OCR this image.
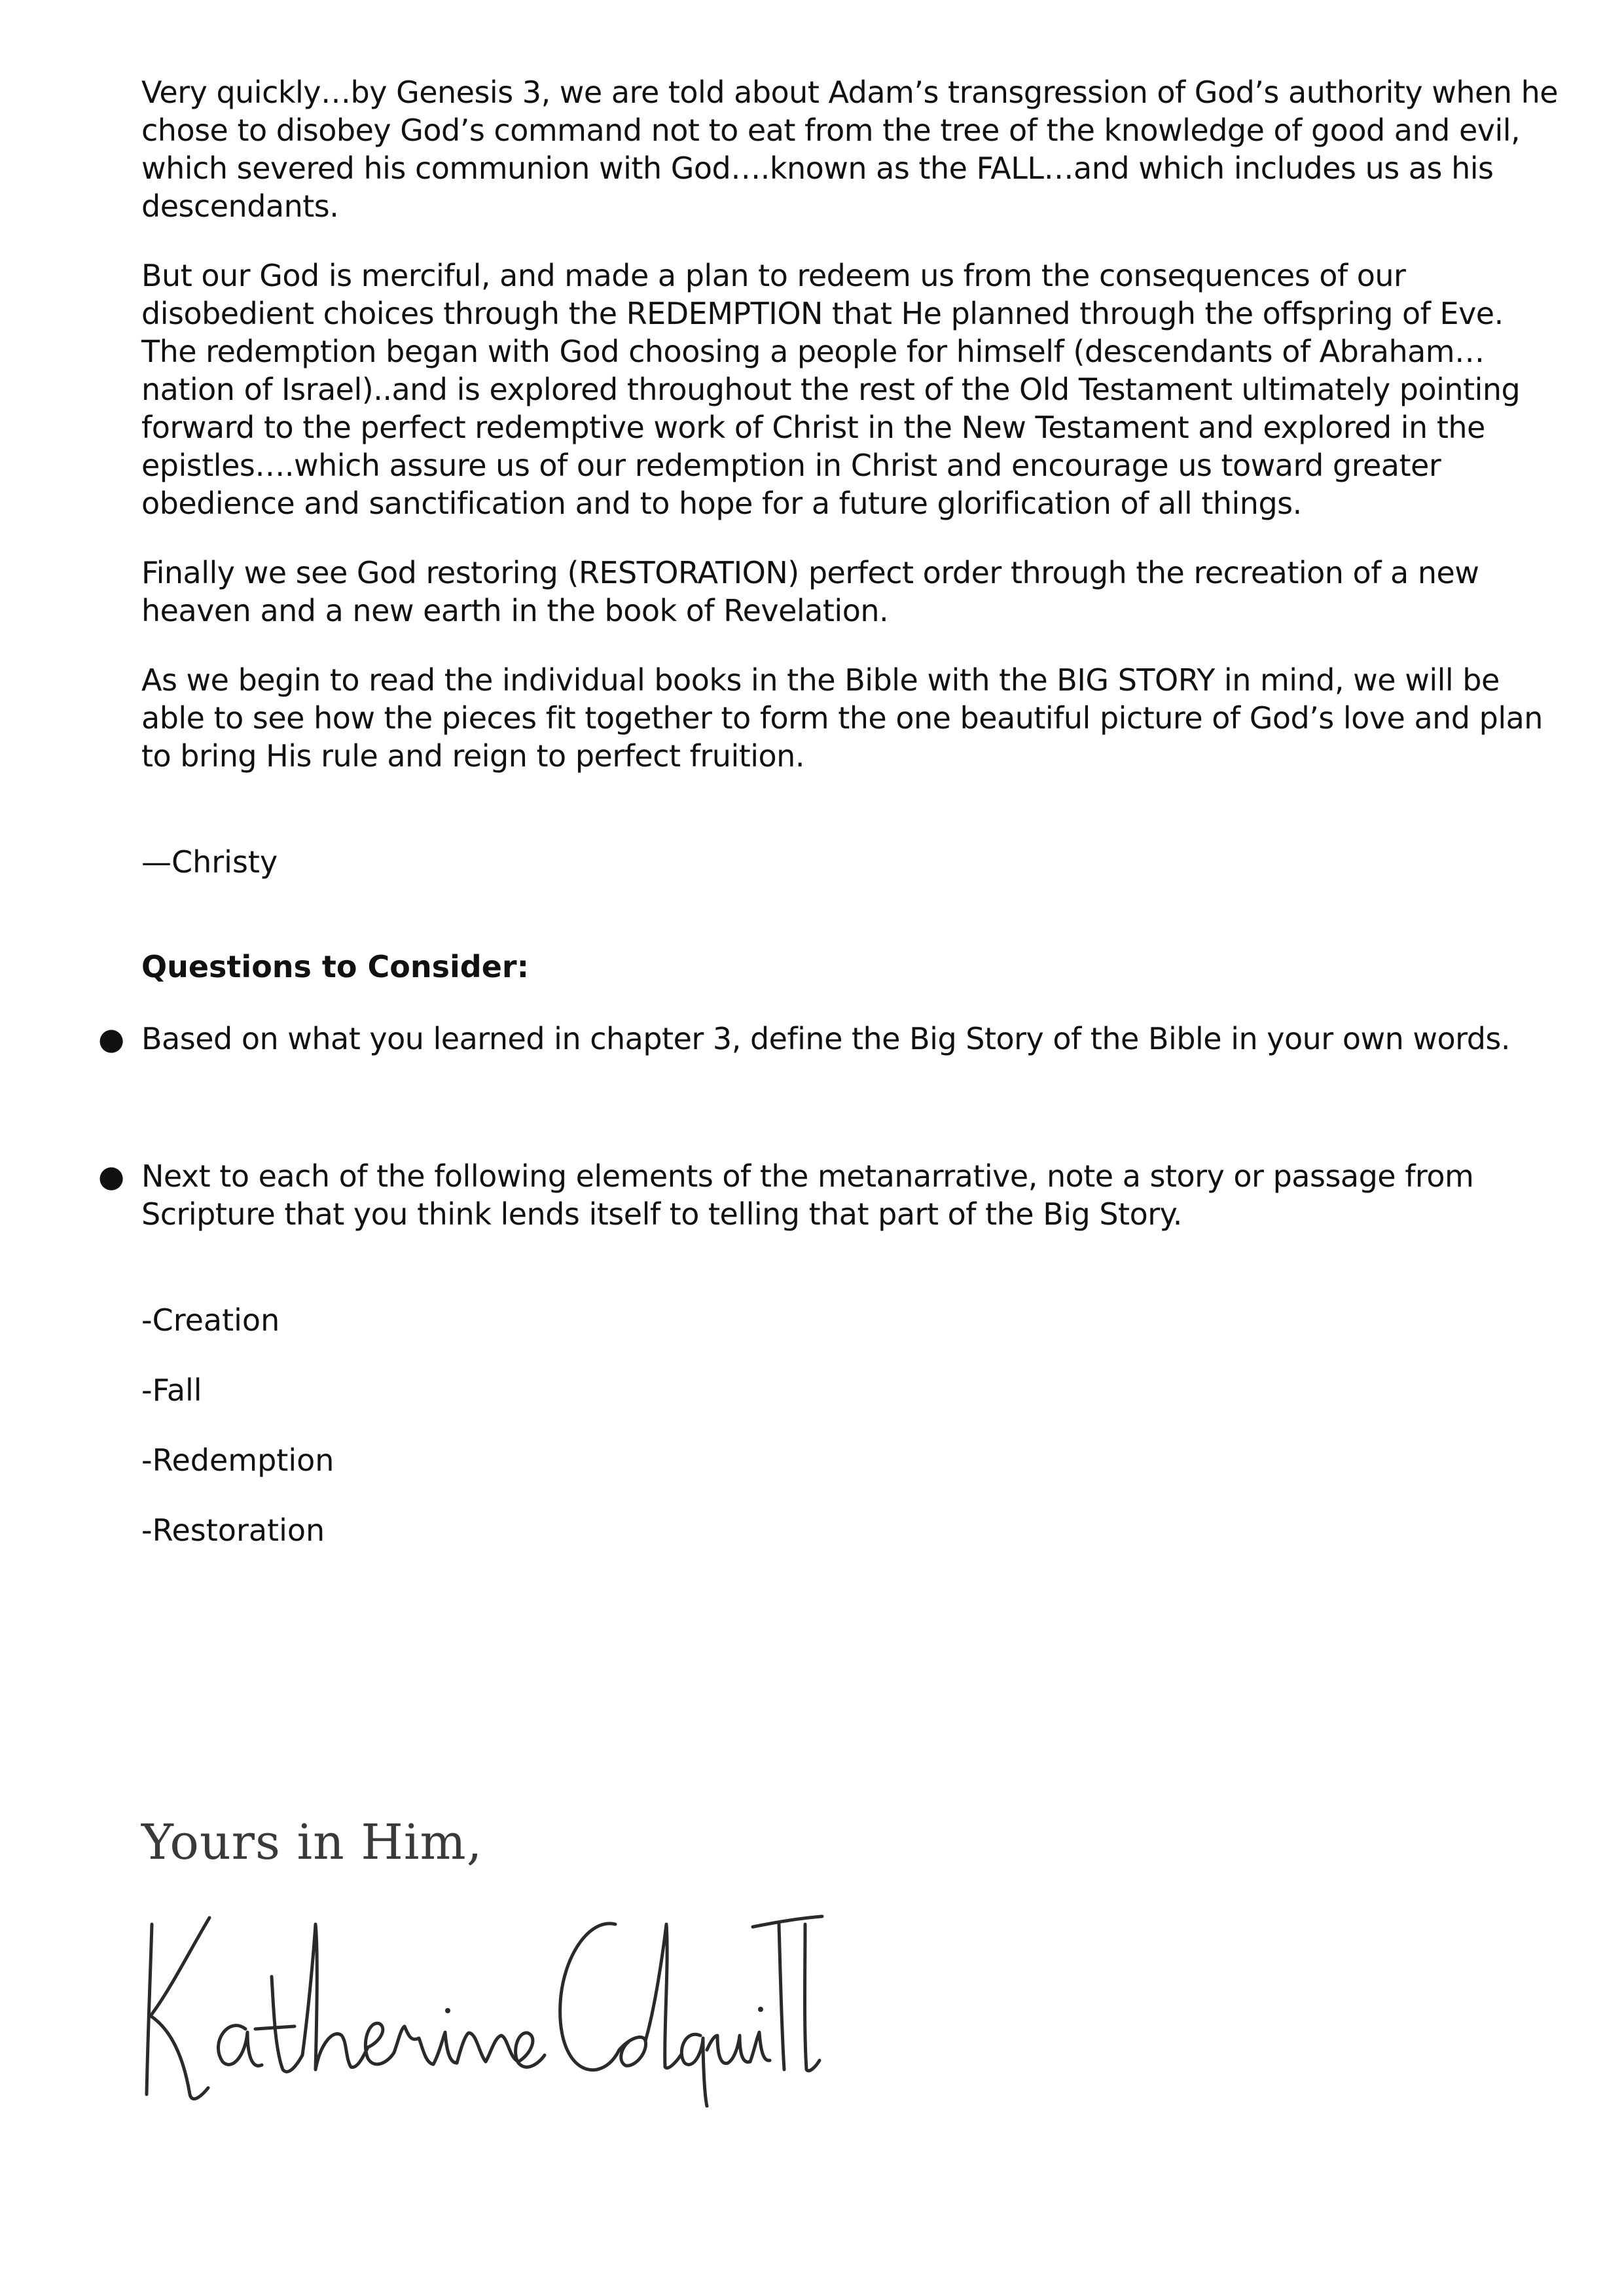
Very quickly…by Genesis 3, we are told about Adam’s transgression of God’s authority when he chose to disobey God’s command not to eat from the tree of the knowledge of good and evil, which severed his communion with God….known as the FALL…and which includes us as his descendants.

But our God is merciful, and made a plan to redeem us from the consequences of our disobedient choices through the REDEMPTION that He planned through the offspring of Eve. The redemption began with God choosing a people for himself (descendants of Abraham…nation of Israel)..and is explored throughout the rest of the Old Testament ultimately pointing forward to the perfect redemptive work of Christ in the New Testament and explored in the epistles….which assure us of our redemption in Christ and encourage us toward greater obedience and sanctification and to hope for a future glorification of all things.

Finally we see God restoring (RESTORATION) perfect order through the recreation of a new heaven and a new earth in the book of Revelation.

As we begin to read the individual books in the Bible with the BIG STORY in mind, we will be able to see how the pieces fit together to form the one beautiful picture of God’s love and plan to bring His rule and reign to perfect fruition.

—Christy

Questions to Consider:

● Based on what you learned in chapter 3, define the Big Story of the Bible in your own words.
● Next to each of the following elements of the metanarrative, note a story or passage from Scripture that you think lends itself to telling that part of the Big Story.

-Creation

-Fall

-Redemption

-Restoration

Yours in Him,
